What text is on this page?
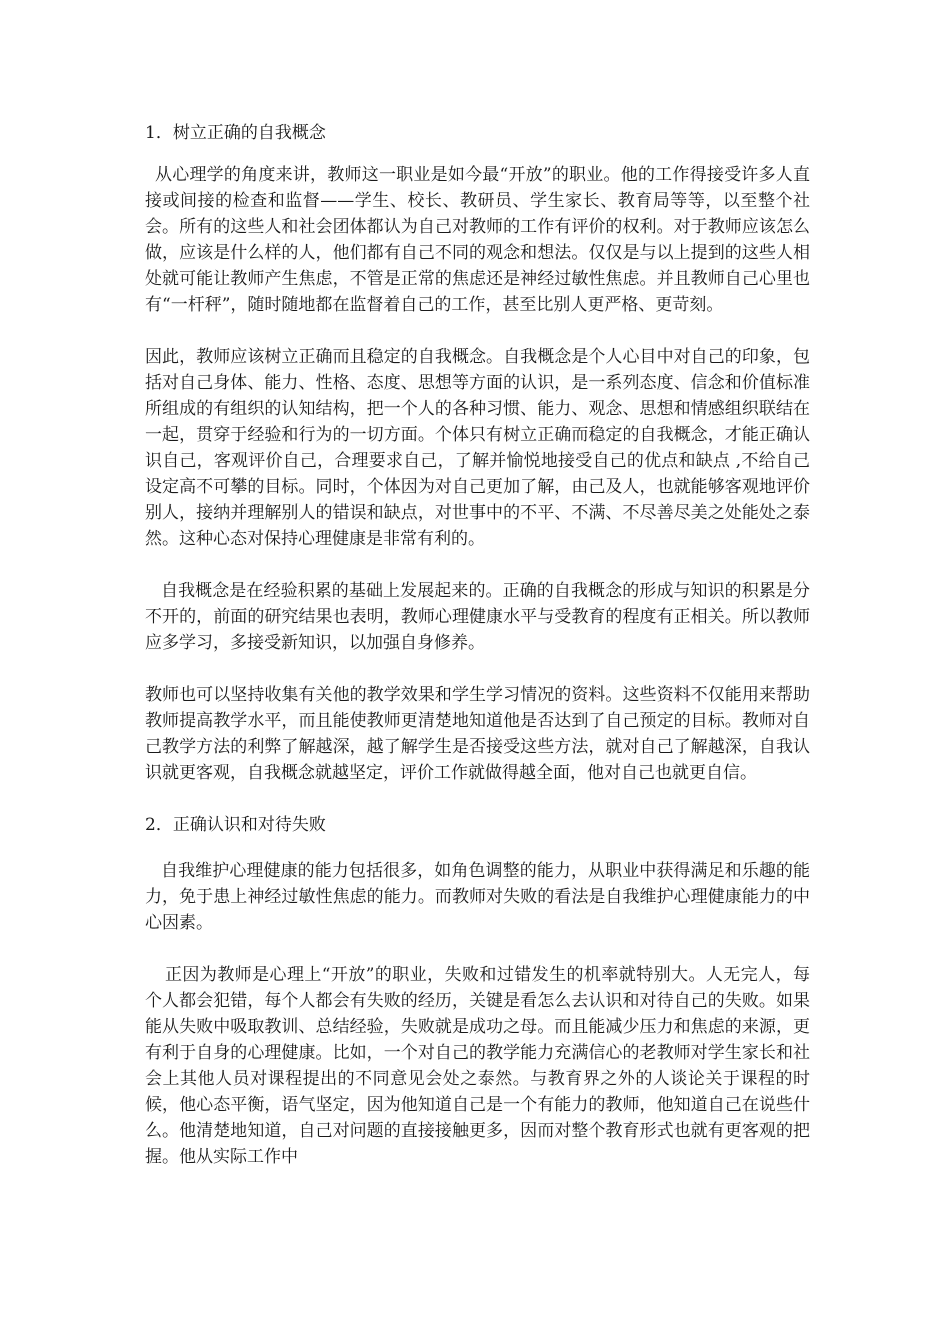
1．树立正确的自我概念

从心理学的角度来讲，教师这一职业是如今最“开放”的职业。他的工作得接受许多人直接或间接的检查和监督——学生、校长、教研员、学生家长、教育局等等，以至整个社会。所有的这些人和社会团体都认为自己对教师的工作有评价的权利。对于教师应该怎么做，应该是什么样的人，他们都有自己不同的观念和想法。仅仅是与以上提到的这些人相处就可能让教师产生焦虑，不管是正常的焦虑还是神经过敏性焦虑。并且教师自己心里也有“一杆秤”，随时随地都在监督着自己的工作，甚至比别人更严格、更苛刻。

因此，教师应该树立正确而且稳定的自我概念。自我概念是个人心目中对自己的印象，包括对自己身体、能力、性格、态度、思想等方面的认识，是一系列态度、信念和价值标准所组成的有组织的认知结构，把一个人的各种习惯、能力、观念、思想和情感组织联结在一起，贯穿于经验和行为的一切方面。个体只有树立正确而稳定的自我概念，才能正确认识自己，客观评价自己，合理要求自己，了解并愉悦地接受自己的优点和缺点 ,不给自己设定高不可攀的目标。同时，个体因为对自己更加了解，由己及人，也就能够客观地评价别人，接纳并理解别人的错误和缺点，对世事中的不平、不满、不尽善尽美之处能处之泰然。这种心态对保持心理健康是非常有利的。

自我概念是在经验积累的基础上发展起来的。正确的自我概念的形成与知识的积累是分不开的，前面的研究结果也表明，教师心理健康水平与受教育的程度有正相关。所以教师应多学习，多接受新知识，以加强自身修养。

教师也可以坚持收集有关他的教学效果和学生学习情况的资料。这些资料不仅能用来帮助教师提高教学水平，而且能使教师更清楚地知道他是否达到了自己预定的目标。教师对自己教学方法的利弊了解越深，越了解学生是否接受这些方法，就对自己了解越深，自我认识就更客观，自我概念就越坚定，评价工作就做得越全面，他对自己也就更自信。

2．正确认识和对待失败

自我维护心理健康的能力包括很多，如角色调整的能力，从职业中获得满足和乐趣的能力，免于患上神经过敏性焦虑的能力。而教师对失败的看法是自我维护心理健康能力的中心因素。

正因为教师是心理上“开放”的职业，失败和过错发生的机率就特别大。人无完人，每个人都会犯错，每个人都会有失败的经历，关键是看怎么去认识和对待自己的失败。如果能从失败中吸取教训、总结经验，失败就是成功之母。而且能减少压力和焦虑的来源，更有利于自身的心理健康。比如，一个对自己的教学能力充满信心的老教师对学生家长和社会上其他人员对课程提出的不同意见会处之泰然。与教育界之外的人谈论关于课程的时候，他心态平衡，语气坚定，因为他知道自己是一个有能力的教师，他知道自己在说些什么。他清楚地知道，自己对问题的直接接触更多，因而对整个教育形式也就有更客观的把握。他从实际工作中
